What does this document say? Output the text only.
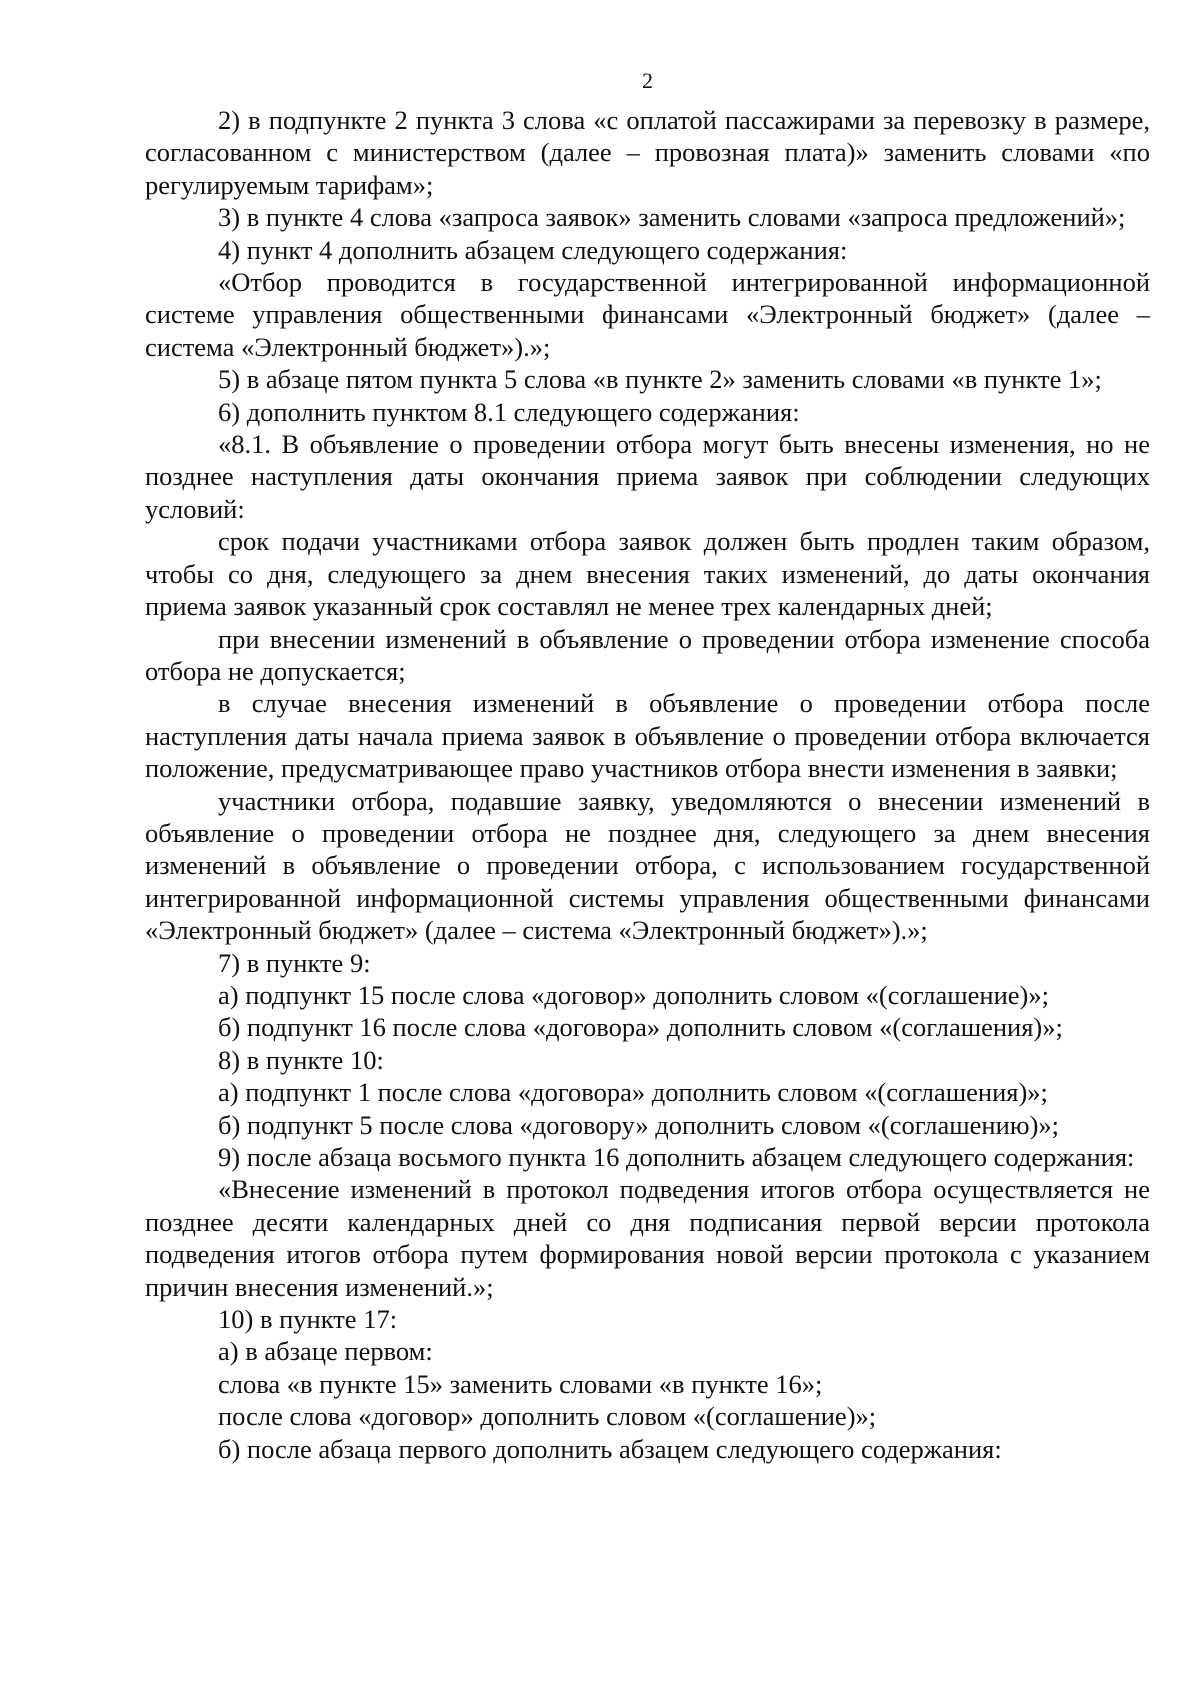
2

2) в подпункте 2 пункта 3 слова «с оплатой пассажирами за перевозку в размере, согласованном с министерством (далее – провозная плата)» заменить словами «по регулируемым тарифам»;

3) в пункте 4 слова «запроса заявок» заменить словами «запроса предложений»;

4) пункт 4 дополнить абзацем следующего содержания:

«Отбор проводится в государственной интегрированной информационной системе управления общественными финансами «Электронный бюджет» (далее – система «Электронный бюджет»).»;

5) в абзаце пятом пункта 5 слова «в пункте 2» заменить словами «в пункте 1»;

6) дополнить пунктом 8.1 следующего содержания:

«8.1. В объявление о проведении отбора могут быть внесены изменения, но не позднее наступления даты окончания приема заявок при соблюдении следующих условий:

срок подачи участниками отбора заявок должен быть продлен таким образом, чтобы со дня, следующего за днем внесения таких изменений, до даты окончания приема заявок указанный срок составлял не менее трех календарных дней;

при внесении изменений в объявление о проведении отбора изменение способа отбора не допускается;

в случае внесения изменений в объявление о проведении отбора после наступления даты начала приема заявок в объявление о проведении отбора включается положение, предусматривающее право участников отбора внести изменения в заявки;

участники отбора, подавшие заявку, уведомляются о внесении изменений в объявление о проведении отбора не позднее дня, следующего за днем внесения изменений в объявление о проведении отбора, с использованием государственной интегрированной информационной системы управления общественными финансами «Электронный бюджет» (далее – система «Электронный бюджет»).»;

7) в пункте 9:

а) подпункт 15 после слова «договор» дополнить словом «(соглашение)»;

б) подпункт 16 после слова «договора» дополнить словом «(соглашения)»;

8) в пункте 10:

а) подпункт 1 после слова «договора» дополнить словом «(соглашения)»;

б) подпункт 5 после слова «договору» дополнить словом «(соглашению)»;

9) после абзаца восьмого пункта 16 дополнить абзацем следующего содержания:

«Внесение изменений в протокол подведения итогов отбора осуществляется не позднее десяти календарных дней со дня подписания первой версии протокола подведения итогов отбора путем формирования новой версии протокола с указанием причин внесения изменений.»;

10) в пункте 17:

а) в абзаце первом:

слова «в пункте 15» заменить словами «в пункте 16»;

после слова «договор» дополнить словом «(соглашение)»;

б) после абзаца первого дополнить абзацем следующего содержания:
